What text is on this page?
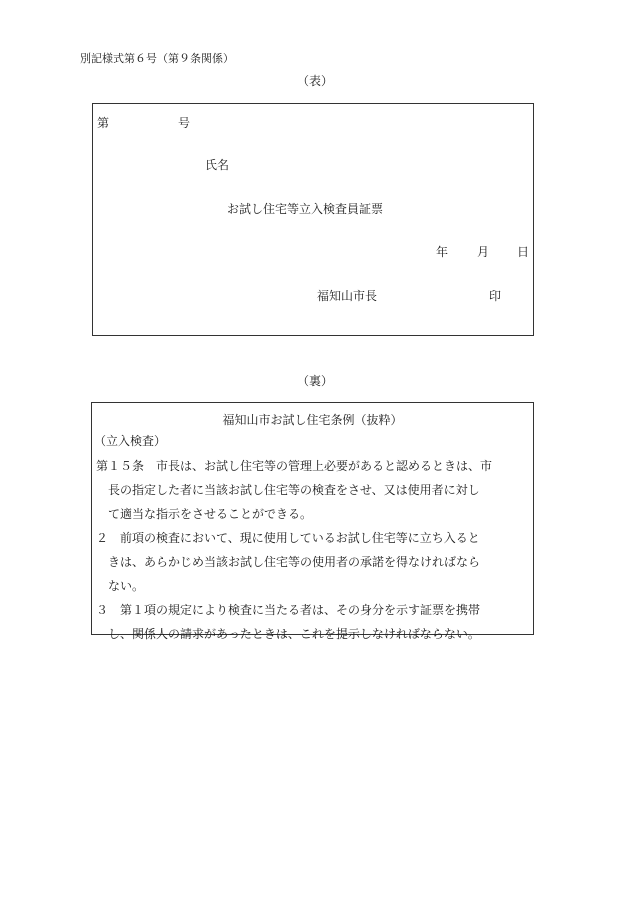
別記様式第６号（第９条関係）
（表）
第	号
氏名
お試し住宅等立入検査員証票
年 月 日
福知山市長	印
（裏）
福知山市お試し住宅条例（抜粋）
（立入検査）
第１５条　市長は、お試し住宅等の管理上必要があると認めるときは、市
長の指定した者に当該お試し住宅等の検査をさせ、又は使用者に対し
て適当な指示をさせることができる。
２　前項の検査において、現に使用しているお試し住宅等に立ち入ると
きは、あらかじめ当該お試し住宅等の使用者の承諾を得なければなら
ない。
３　第１項の規定により検査に当たる者は、その身分を示す証票を携帯
し、関係人の請求があったときは、これを提示しなければならない。
